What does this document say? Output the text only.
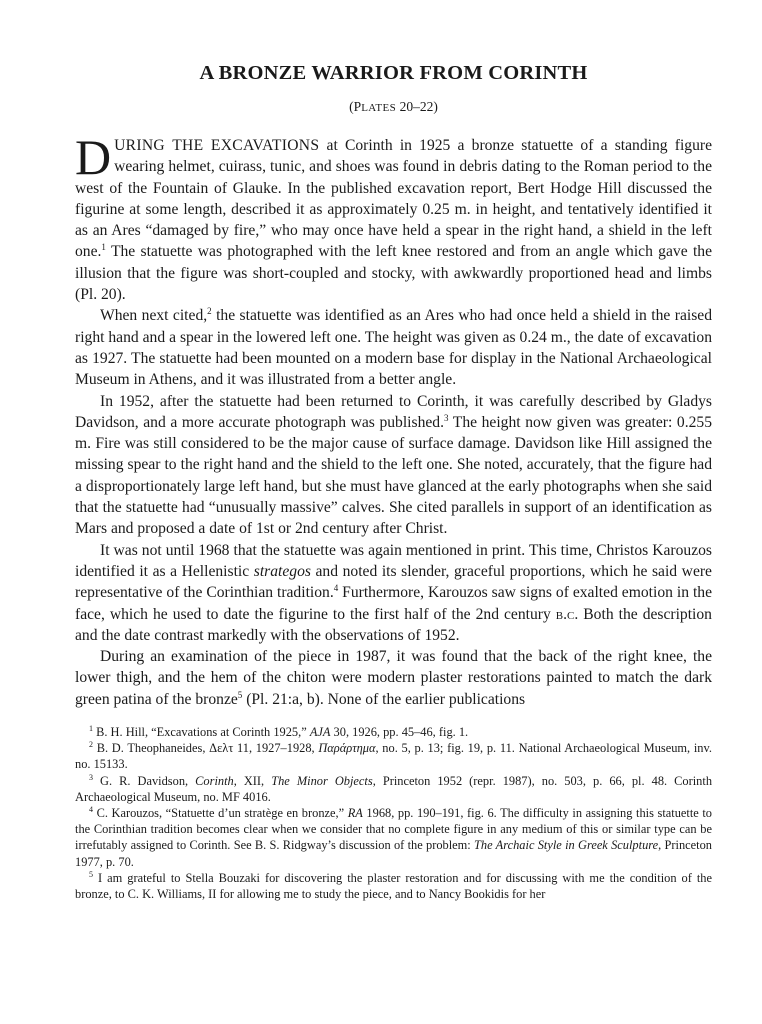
A BRONZE WARRIOR FROM CORINTH
(PLATES 20–22)

DURING THE EXCAVATIONS at Corinth in 1925 a bronze statuette of a standing figure wearing helmet, cuirass, tunic, and shoes was found in debris dating to the Roman period to the west of the Fountain of Glauke. In the published excavation report, Bert Hodge Hill discussed the figurine at some length, described it as approximately 0.25 m. in height, and tentatively identified it as an Ares “damaged by fire,” who may once have held a spear in the right hand, a shield in the left one.$^1$ The statuette was photographed with the left knee restored and from an angle which gave the illusion that the figure was short-coupled and stocky, with awkwardly proportioned head and limbs (Pl. 20).

When next cited,$^2$ the statuette was identified as an Ares who had once held a shield in the raised right hand and a spear in the lowered left one. The height was given as 0.24 m., the date of excavation as 1927. The statuette had been mounted on a modern base for display in the National Archaeological Museum in Athens, and it was illustrated from a better angle.

In 1952, after the statuette had been returned to Corinth, it was carefully described by Gladys Davidson, and a more accurate photograph was published.$^3$ The height now given was greater: 0.255 m. Fire was still considered to be the major cause of surface damage. Davidson like Hill assigned the missing spear to the right hand and the shield to the left one. She noted, accurately, that the figure had a disproportionately large left hand, but she must have glanced at the early photographs when she said that the statuette had “unusually massive” calves. She cited parallels in support of an identification as Mars and proposed a date of 1st or 2nd century after Christ.

It was not until 1968 that the statuette was again mentioned in print. This time, Christos Karouzos identified it as a Hellenistic strategos and noted its slender, graceful proportions, which he said were representative of the Corinthian tradition.$^4$ Furthermore, Karouzos saw signs of exalted emotion in the face, which he used to date the figurine to the first half of the 2nd century b.c. Both the description and the date contrast markedly with the observations of 1952.

During an examination of the piece in 1987, it was found that the back of the right knee, the lower thigh, and the hem of the chiton were modern plaster restorations painted to match the dark green patina of the bronze$^5$ (Pl. 21:a, b). None of the earlier publications

$^1$ B. H. Hill, “Excavations at Corinth 1925,” AJA 30, 1926, pp. 45–46, fig. 1.

$^2$ B. D. Theophaneides, Δελτ 11, 1927–1928, Παράρτημα, no. 5, p. 13; fig. 19, p. 11. National Archaeological Museum, inv. no. 15133.

$^3$ G. R. Davidson, Corinth, XII, The Minor Objects, Princeton 1952 (repr. 1987), no. 503, p. 66, pl. 48. Corinth Archaeological Museum, no. MF 4016.

$^4$ C. Karouzos, “Statuette d’un stratège en bronze,” RA 1968, pp. 190–191, fig. 6. The difficulty in assigning this statuette to the Corinthian tradition becomes clear when we consider that no complete figure in any medium of this or similar type can be irrefutably assigned to Corinth. See B. S. Ridgway’s discussion of the problem: The Archaic Style in Greek Sculpture, Princeton 1977, p. 70.

$^5$ I am grateful to Stella Bouzaki for discovering the plaster restoration and for discussing with me the condition of the bronze, to C. K. Williams, II for allowing me to study the piece, and to Nancy Bookidis for her
